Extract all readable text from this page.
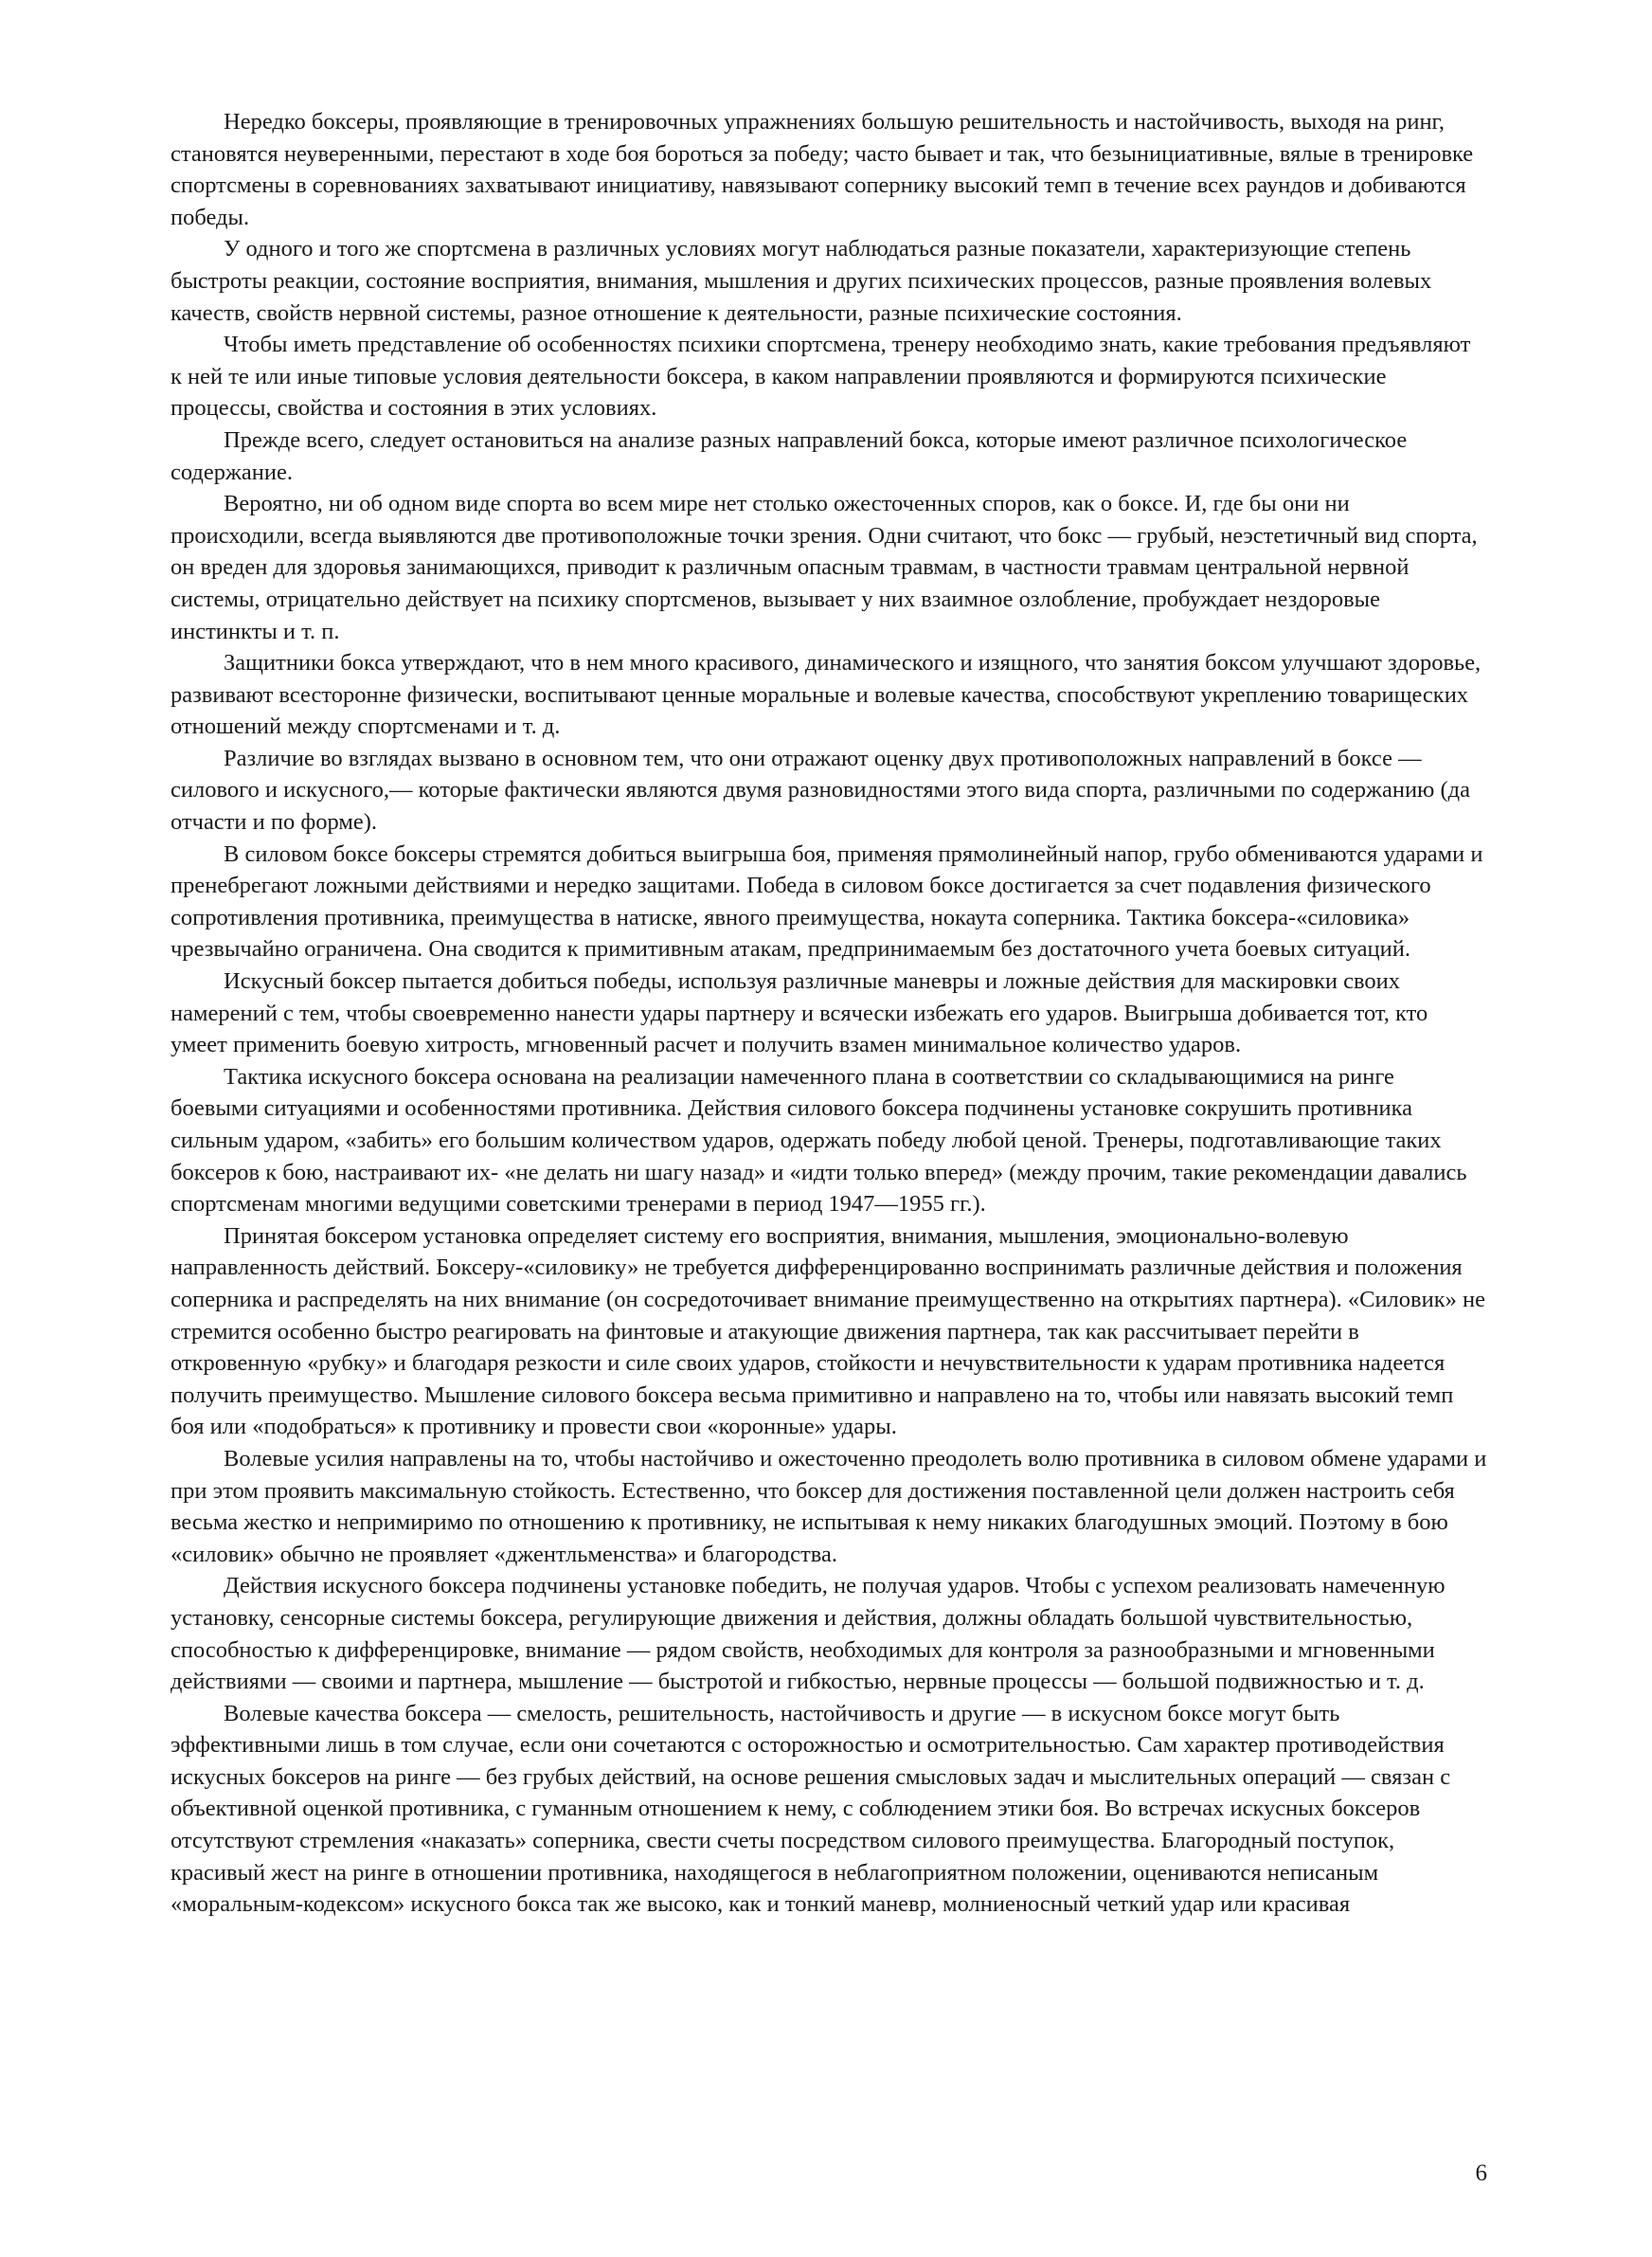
Нередко боксеры, проявляющие в тренировочных упражнениях большую решительность и настойчивость, выходя на ринг, становятся неуверенными, перестают в ходе боя бороться за победу; часто бывает и так, что безынициативные, вялые в тренировке спортсмены в соревнованиях захватывают инициативу, навязывают сопернику высокий темп в течение всех раундов и добиваются победы.

У одного и того же спортсмена в различных условиях могут наблюдаться разные показатели, характеризующие степень быстроты реакции, состояние восприятия, внимания, мышления и других психических процессов, разные проявления волевых качеств, свойств нервной системы, разное отношение к деятельности, разные психические состояния.

Чтобы иметь представление об особенностях психики спортсмена, тренеру необходимо знать, какие требования предъявляют к ней те или иные типовые условия деятельности боксера, в каком направлении проявляются и формируются психические процессы, свойства и состояния в этих условиях.

Прежде всего, следует остановиться на анализе разных направлений бокса, которые имеют различное психологическое содержание.

Вероятно, ни об одном виде спорта во всем мире нет столько ожесточенных споров, как о боксе. И, где бы они ни происходили, всегда выявляются две противоположные точки зрения. Одни считают, что бокс — грубый, неэстетичный вид спорта, он вреден для здоровья занимающихся, приводит к различным опасным травмам, в частности травмам центральной нервной системы, отрицательно действует на психику спортсменов, вызывает у них взаимное озлобление, пробуждает нездоровые инстинкты и т. п.

Защитники бокса утверждают, что в нем много красивого, динамического и изящного, что занятия боксом улучшают здоровье, развивают всесторонне физически, воспитывают ценные моральные и волевые качества, способствуют укреплению товарищеских отношений между спортсменами и т. д.

Различие во взглядах вызвано в основном тем, что они отражают оценку двух противоположных направлений в боксе — силового и искусного,— которые фактически являются двумя разновидностями этого вида спорта, различными по содержанию (да отчасти и по форме).

В силовом боксе боксеры стремятся добиться выигрыша боя, применяя прямолинейный напор, грубо обмениваются ударами и пренебрегают ложными действиями и нередко защитами. Победа в силовом боксе достигается за счет подавления физического сопротивления противника, преимущества в натиске, явного преимущества, нокаута соперника. Тактика боксера-«силовика» чрезвычайно ограничена. Она сводится к примитивным атакам, предпринимаемым без достаточного учета боевых ситуаций.

Искусный боксер пытается добиться победы, используя различные маневры и ложные действия для маскировки своих намерений с тем, чтобы своевременно нанести удары партнеру и всячески избежать его ударов. Выигрыша добивается тот, кто умеет применить боевую хитрость, мгновенный расчет и получить взамен минимальное количество ударов.

Тактика искусного боксера основана на реализации намеченного плана в соответствии со складывающимися на ринге боевыми ситуациями и особенностями противника. Действия силового боксера подчинены установке сокрушить противника сильным ударом, «забить» его большим количеством ударов, одержать победу любой ценой. Тренеры, подготавливающие таких боксеров к бою, настраивают их- «не делать ни шагу назад» и «идти только вперед» (между прочим, такие рекомендации давались спортсменам многими ведущими советскими тренерами в период 1947—1955 гг.).

Принятая боксером установка определяет систему его восприятия, внимания, мышления, эмоционально-волевую направленность действий. Боксеру-«силовику» не требуется дифференцированно воспринимать различные действия и положения соперника и распределять на них внимание (он сосредоточивает внимание преимущественно на открытиях партнера). «Силовик» не стремится особенно быстро реагировать на финтовые и атакующие движения партнера, так как рассчитывает перейти в откровенную «рубку» и благодаря резкости и силе своих ударов, стойкости и нечувствительности к ударам противника надеется получить преимущество. Мышление силового боксера весьма примитивно и направлено на то, чтобы или навязать высокий темп боя или «подобраться» к противнику и провести свои «коронные» удары.

Волевые усилия направлены на то, чтобы настойчиво и ожесточенно преодолеть волю противника в силовом обмене ударами и при этом проявить максимальную стойкость. Естественно, что боксер для достижения поставленной цели должен настроить себя весьма жестко и непримиримо по отношению к противнику, не испытывая к нему никаких благодушных эмоций. Поэтому в бою «силовик» обычно не проявляет «джентльменства» и благородства.

Действия искусного боксера подчинены установке победить, не получая ударов. Чтобы с успехом реализовать намеченную установку, сенсорные системы боксера, регулирующие движения и действия, должны обладать большой чувствительностью, способностью к дифференцировке, внимание — рядом свойств, необходимых для контроля за разнообразными и мгновенными действиями — своими и партнера, мышление — быстротой и гибкостью, нервные процессы — большой подвижностью и т. д.

Волевые качества боксера — смелость, решительность, настойчивость и другие — в искусном боксе могут быть эффективными лишь в том случае, если они сочетаются с осторожностью и осмотрительностью. Сам характер противодействия искусных боксеров на ринге — без грубых действий, на основе решения смысловых задач и мыслительных операций — связан с объективной оценкой противника, с гуманным отношением к нему, с соблюдением этики боя. Во встречах искусных боксеров отсутствуют стремления «наказать» соперника, свести счеты посредством силового преимущества. Благородный поступок, красивый жест на ринге в отношении противника, находящегося в неблагоприятном положении, оцениваются неписаным «моральным-кодексом» искусного бокса так же высоко, как и тонкий маневр, молниеносный четкий удар или красивая

6
